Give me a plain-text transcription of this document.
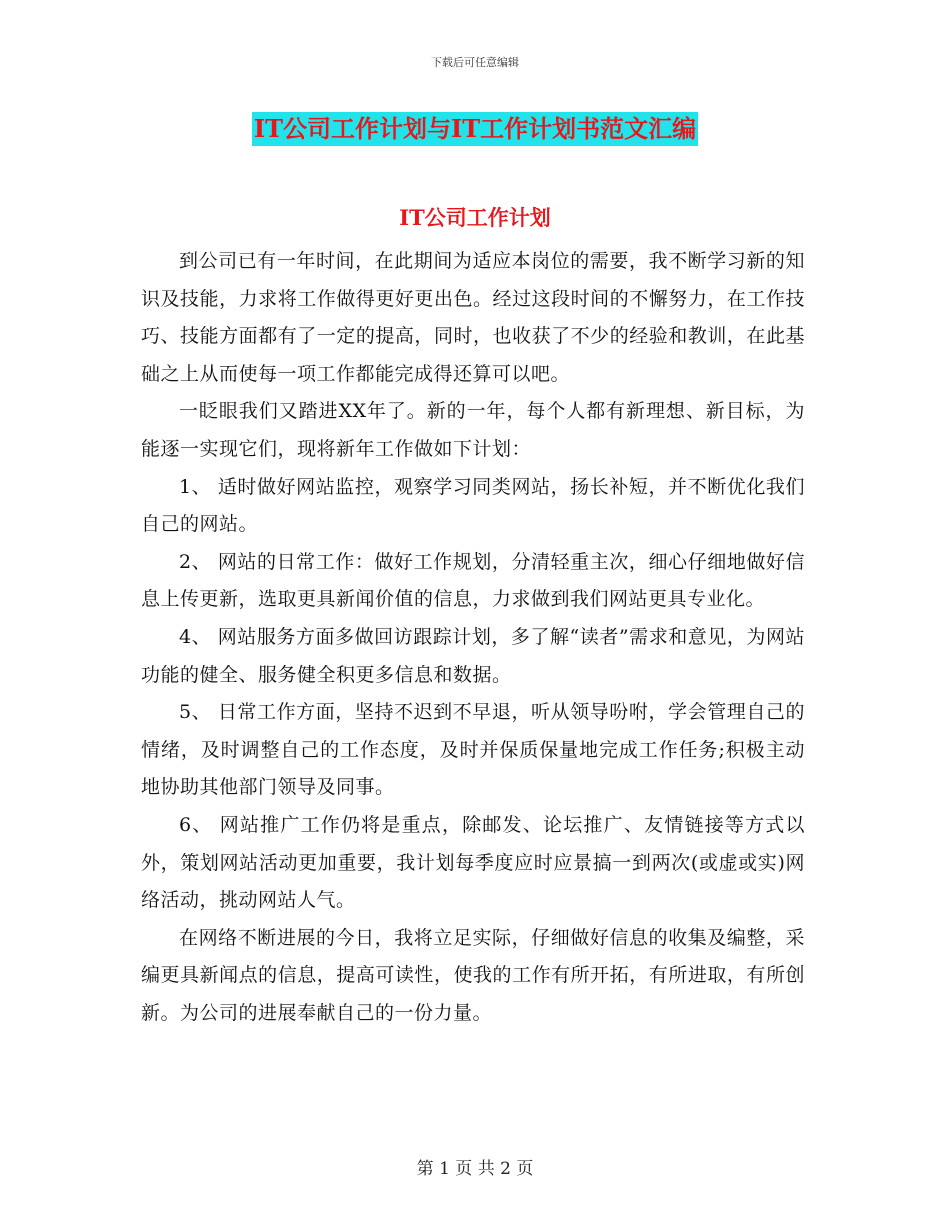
下载后可任意编辑
IT公司工作计划与IT工作计划书范文汇编
IT公司工作计划

到公司已有一年时间，在此期间为适应本岗位的需要，我不断学习新的知识及技能，力求将工作做得更好更出色。经过这段时间的不懈努力，在工作技巧、技能方面都有了一定的提高，同时，也收获了不少的经验和教训，在此基础之上从而使每一项工作都能完成得还算可以吧。

一眨眼我们又踏进XX年了。新的一年，每个人都有新理想、新目标，为能逐一实现它们，现将新年工作做如下计划：

1、 适时做好网站监控，观察学习同类网站，扬长补短，并不断优化我们自己的网站。

2、 网站的日常工作：做好工作规划，分清轻重主次，细心仔细地做好信息上传更新，选取更具新闻价值的信息，力求做到我们网站更具专业化。

4、 网站服务方面多做回访跟踪计划，多了解“读者”需求和意见，为网站功能的健全、服务健全积更多信息和数据。

5、 日常工作方面，坚持不迟到不早退，听从领导吩咐，学会管理自己的情绪，及时调整自己的工作态度，及时并保质保量地完成工作任务;积极主动地协助其他部门领导及同事。

6、 网站推广工作仍将是重点，除邮发、论坛推广、友情链接等方式以外，策划网站活动更加重要，我计划每季度应时应景搞一到两次(或虚或实)网络活动，挑动网站人气。

在网络不断进展的今日，我将立足实际，仔细做好信息的收集及编整，采编更具新闻点的信息，提高可读性，使我的工作有所开拓，有所进取，有所创新。为公司的进展奉献自己的一份力量。

第 1 页 共 2 页
